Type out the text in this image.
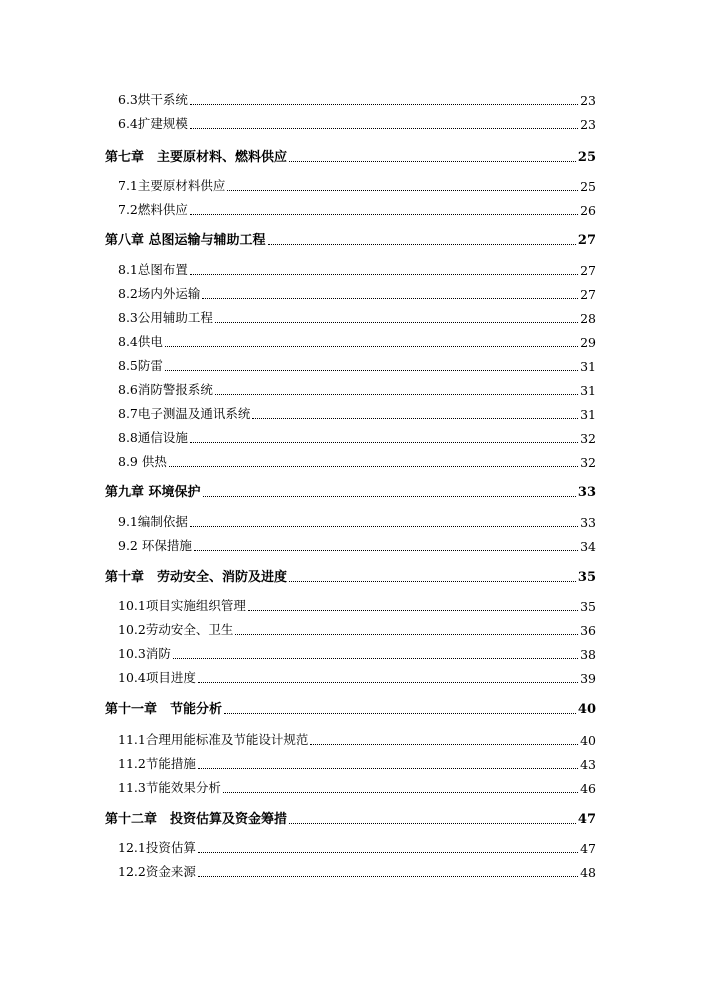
6.3烘干系统	23
6.4扩建规模	23
第七章　主要原材料、燃料供应	25
7.1主要原材料供应	25
7.2燃料供应	26
第八章 总图运输与辅助工程	27
8.1总图布置	27
8.2场内外运输	27
8.3公用辅助工程	28
8.4供电	29
8.5防雷	31
8.6消防警报系统	31
8.7电子测温及通讯系统	31
8.8通信设施	32
8.9 供热	32
第九章 环境保护	33
9.1编制依据	33
9.2 环保措施	34
第十章　劳动安全、消防及进度	35
10.1项目实施组织管理	35
10.2劳动安全、卫生	36
10.3消防	38
10.4项目进度	39
第十一章　节能分析	40
11.1合理用能标准及节能设计规范	40
11.2节能措施	43
11.3节能效果分析	46
第十二章　投资估算及资金筹措	47
12.1投资估算	47
12.2资金来源	48
